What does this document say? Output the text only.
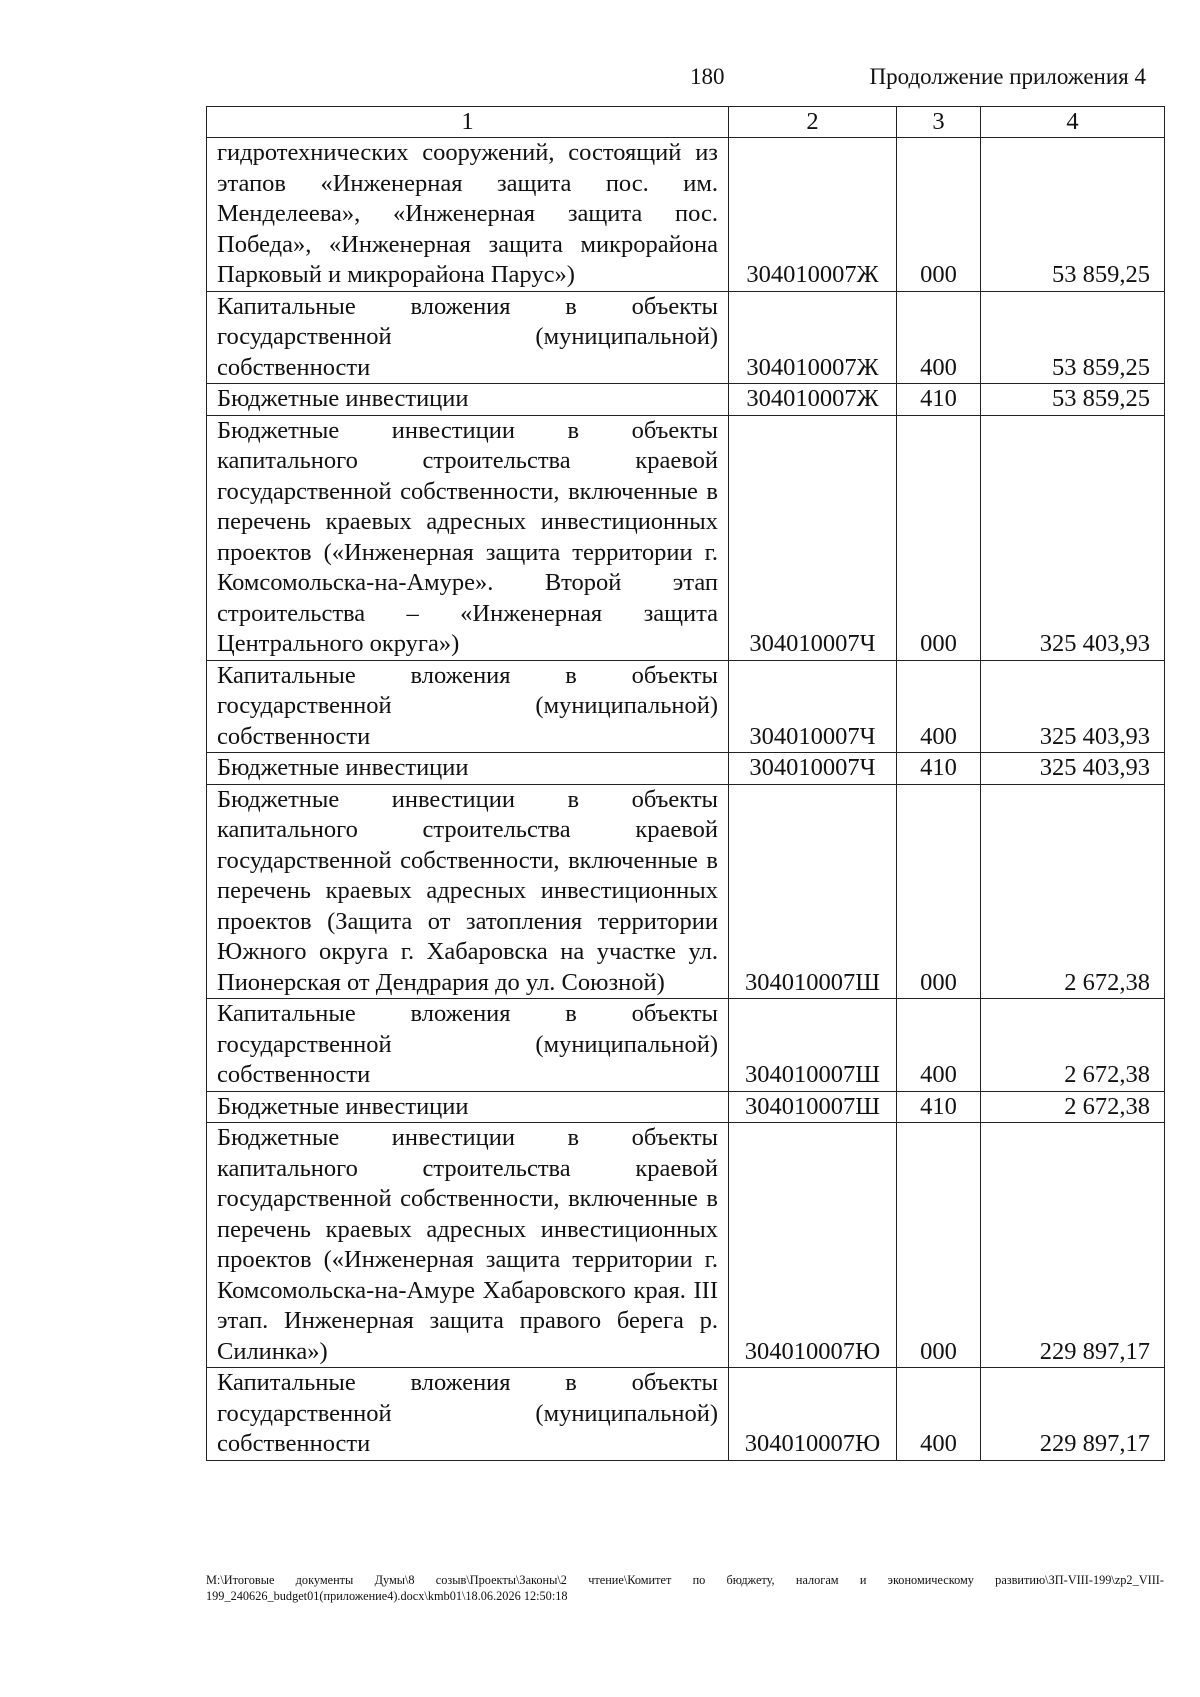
180	Продолжение приложения 4
1	2	3	4

гидротехнических сооружений, состоящий из этапов «Инженерная защита пос. им. Менделеева», «Инженерная защита пос. Победа», «Инженерная защита микрорайона Парковый и микрорайона Парус»)	304010007Ж	000	53 859,25

Капитальные вложения в объекты государственной (муниципальной) собственности	304010007Ж	400	53 859,25

Бюджетные инвестиции	304010007Ж	410	53 859,25

Бюджетные инвестиции в объекты капитального строительства краевой государственной собственности, включенные в перечень краевых адресных инвестиционных проектов («Инженерная защита территории г. Комсомольска-на-Амуре». Второй этап строительства – «Инженерная защита Центрального округа»)	304010007Ч	000	325 403,93

Капитальные вложения в объекты государственной (муниципальной) собственности	304010007Ч	400	325 403,93

Бюджетные инвестиции	304010007Ч	410	325 403,93

Бюджетные инвестиции в объекты капитального строительства краевой государственной собственности, включенные в перечень краевых адресных инвестиционных проектов (Защита от затопления территории Южного округа г. Хабаровска на участке ул. Пионерская от Дендрария до ул. Союзной)	304010007Ш	000	2 672,38

Капитальные вложения в объекты государственной (муниципальной) собственности	304010007Ш	400	2 672,38

Бюджетные инвестиции	304010007Ш	410	2 672,38

Бюджетные инвестиции в объекты капитального строительства краевой государственной собственности, включенные в перечень краевых адресных инвестиционных проектов («Инженерная защита территории г. Комсомольска-на-Амуре Хабаровского края. III этап. Инженерная защита правого берега р. Силинка»)	304010007Ю	000	229 897,17

Капитальные вложения в объекты государственной (муниципальной) собственности	304010007Ю	400	229 897,17
M:\Итоговые документы Думы\8 созыв\Проекты\Законы\2 чтение\Комитет по бюджету, налогам и экономическому развитию\ЗП-VIII-199\zp2_VIII-199_240626_budget01(приложение4).docx\kmb01\18.06.2026 12:50:18
